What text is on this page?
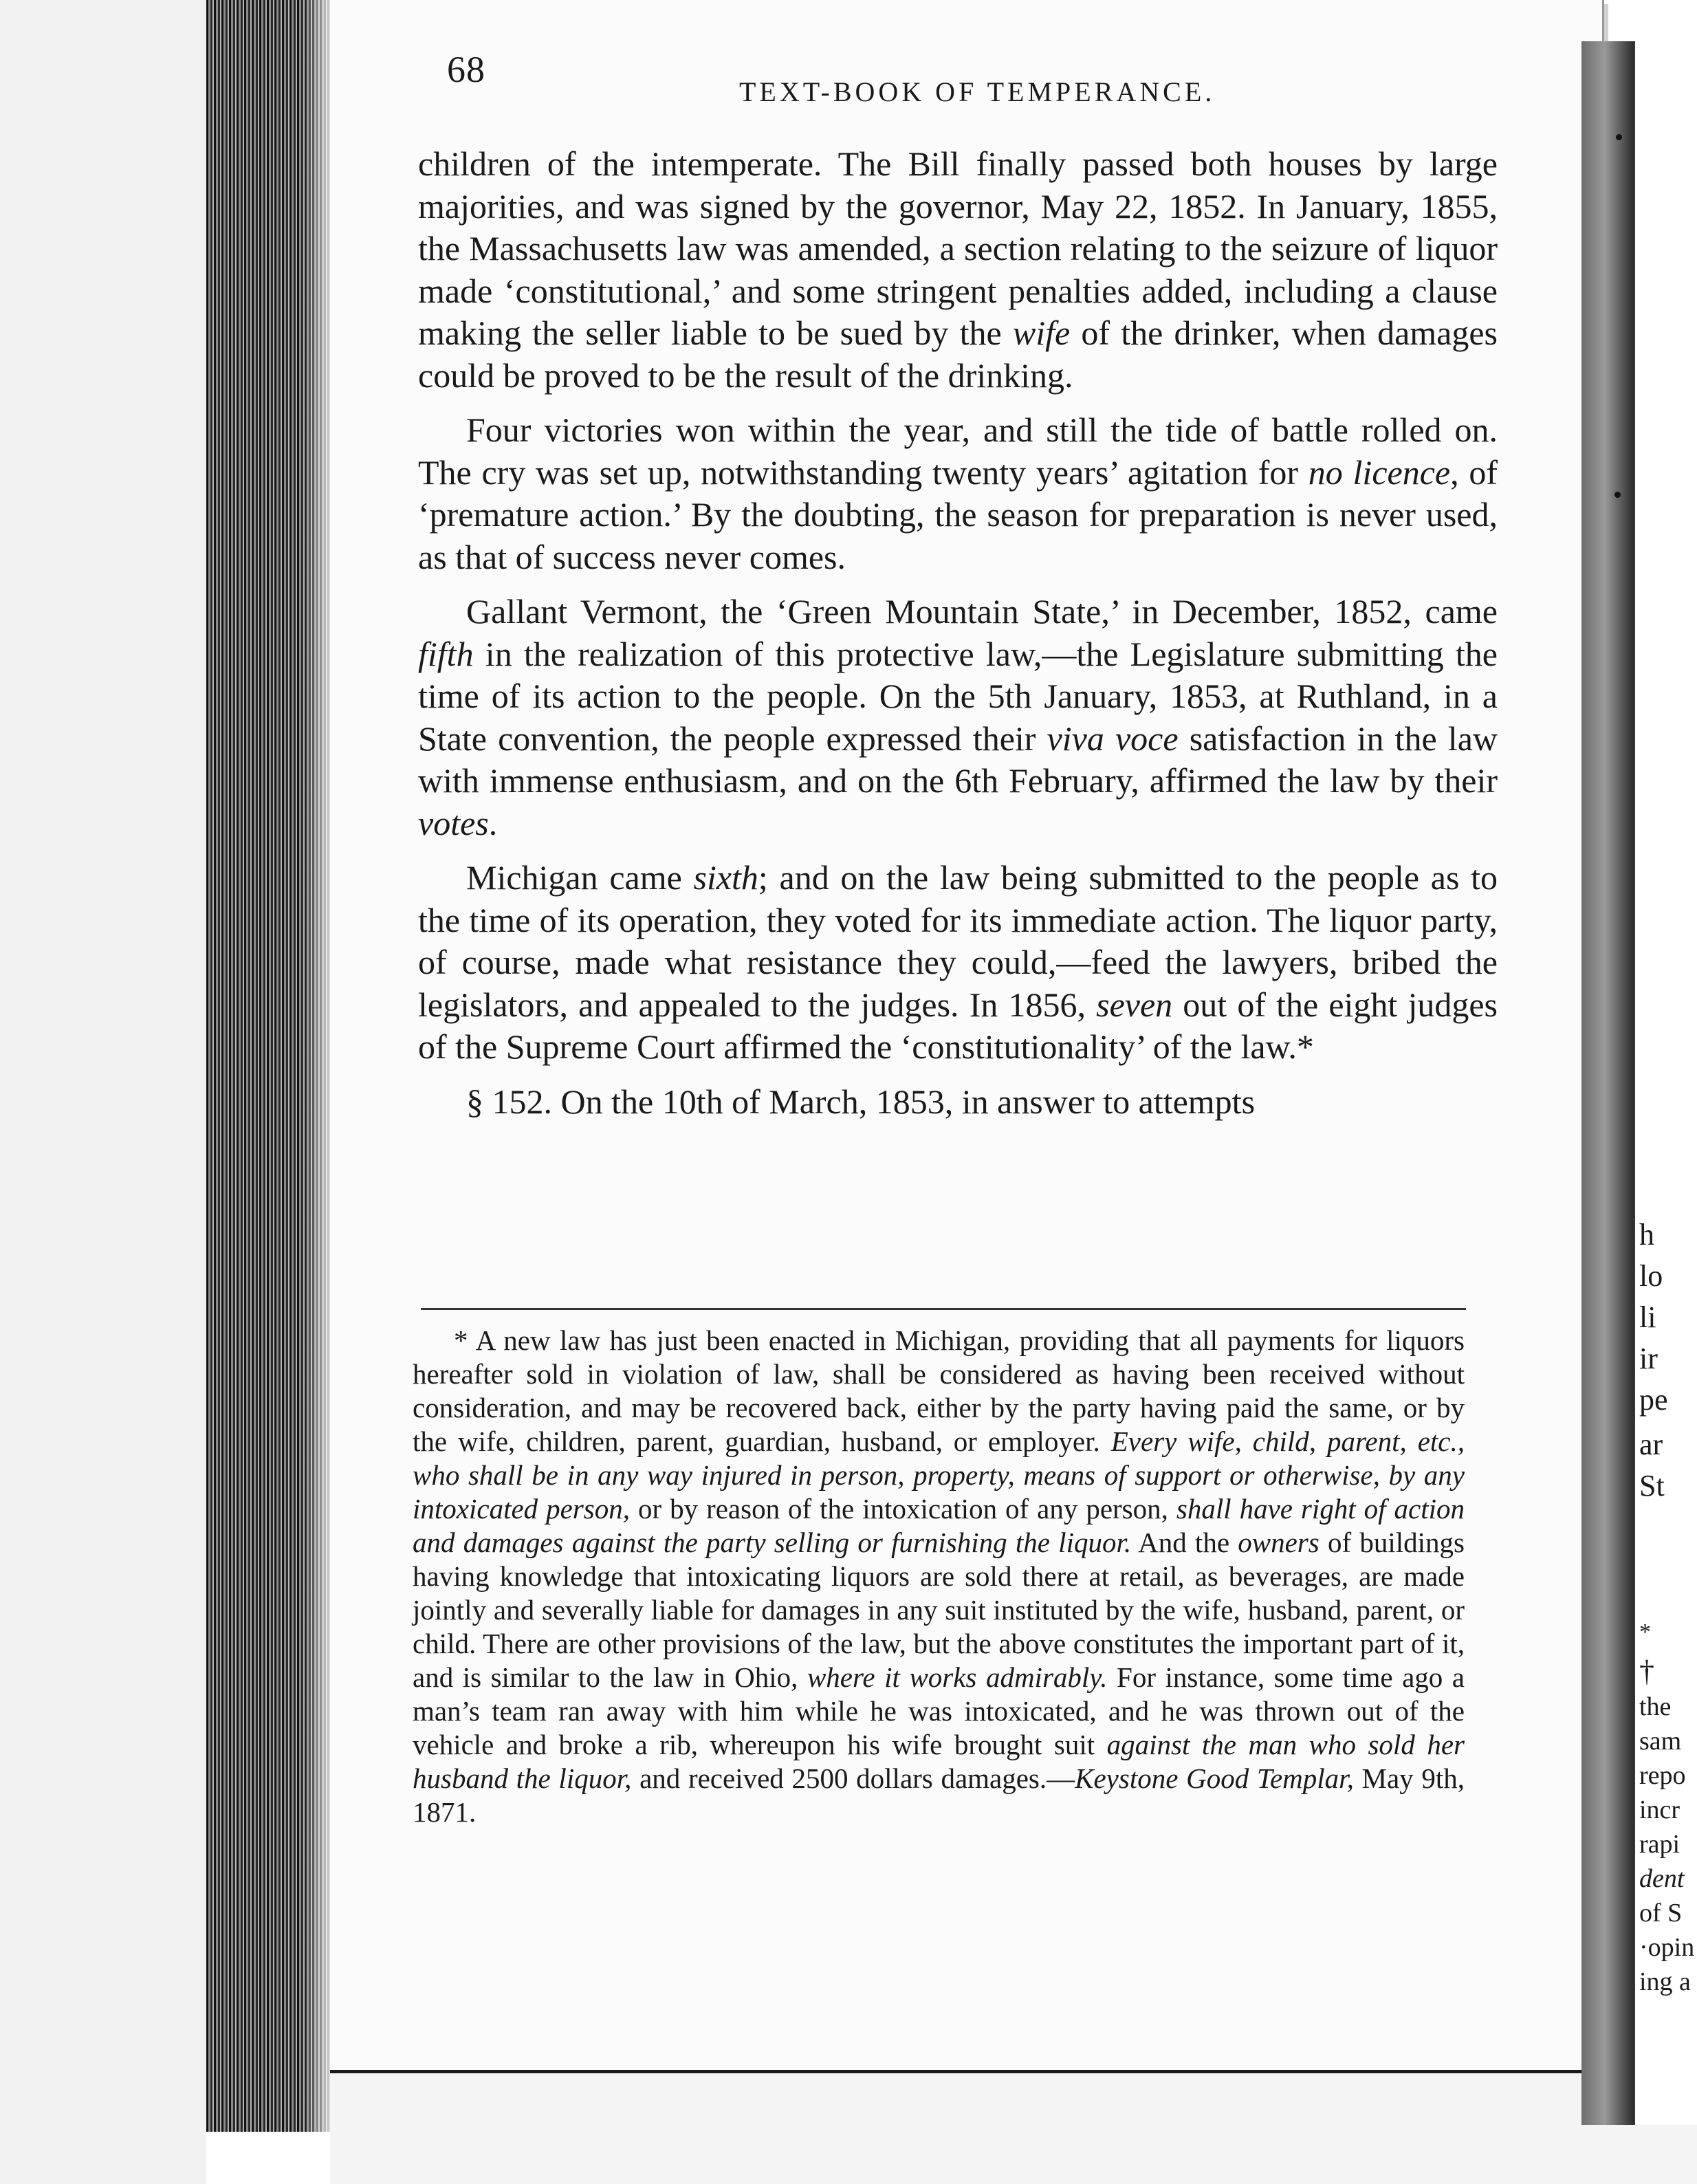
68
TEXT-BOOK OF TEMPERANCE.

children of the intemperate. The Bill finally passed both houses by large majorities, and was signed by the governor, May 22, 1852. In January, 1855, the Massachusetts law was amended, a section relating to the seizure of liquor made ‘constitutional,’ and some stringent penalties added, including a clause making the seller liable to be sued by the wife of the drinker, when damages could be proved to be the result of the drinking.

Four victories won within the year, and still the tide of battle rolled on. The cry was set up, notwithstanding twenty years’ agitation for no licence, of ‘premature action.’ By the doubting, the season for preparation is never used, as that of success never comes.

Gallant Vermont, the ‘Green Mountain State,’ in December, 1852, came fifth in the realization of this protective law,—the Legislature submitting the time of its action to the people. On the 5th January, 1853, at Ruthland, in a State convention, the people expressed their viva voce satisfaction in the law with immense enthusiasm, and on the 6th February, affirmed the law by their votes.

Michigan came sixth; and on the law being submitted to the people as to the time of its operation, they voted for its immediate action. The liquor party, of course, made what resistance they could,—feed the lawyers, bribed the legislators, and appealed to the judges. In 1856, seven out of the eight judges of the Supreme Court affirmed the ‘constitutionality’ of the law.*

§ 152. On the 10th of March, 1853, in answer to attempts

* A new law has just been enacted in Michigan, providing that all payments for liquors hereafter sold in violation of law, shall be considered as having been received without consideration, and may be recovered back, either by the party having paid the same, or by the wife, children, parent, guardian, husband, or employer. Every wife, child, parent, etc., who shall be in any way injured in person, property, means of support or otherwise, by any intoxicated person, or by reason of the intoxication of any person, shall have right of action and damages against the party selling or furnishing the liquor. And the owners of buildings having knowledge that intoxicating liquors are sold there at retail, as beverages, are made jointly and severally liable for damages in any suit instituted by the wife, husband, parent, or child. There are other provisions of the law, but the above constitutes the important part of it, and is similar to the law in Ohio, where it works admirably. For instance, some time ago a man’s team ran away with him while he was intoxicated, and he was thrown out of the vehicle and broke a rib, whereupon his wife brought suit against the man who sold her husband the liquor, and received 2500 dollars damages.—Keystone Good Templar, May 9th, 1871.
h
lo
li
ir
pe
ar
St
*
†
the
sam
repo
incr
rapi
dent
of S
·opin
ing a
